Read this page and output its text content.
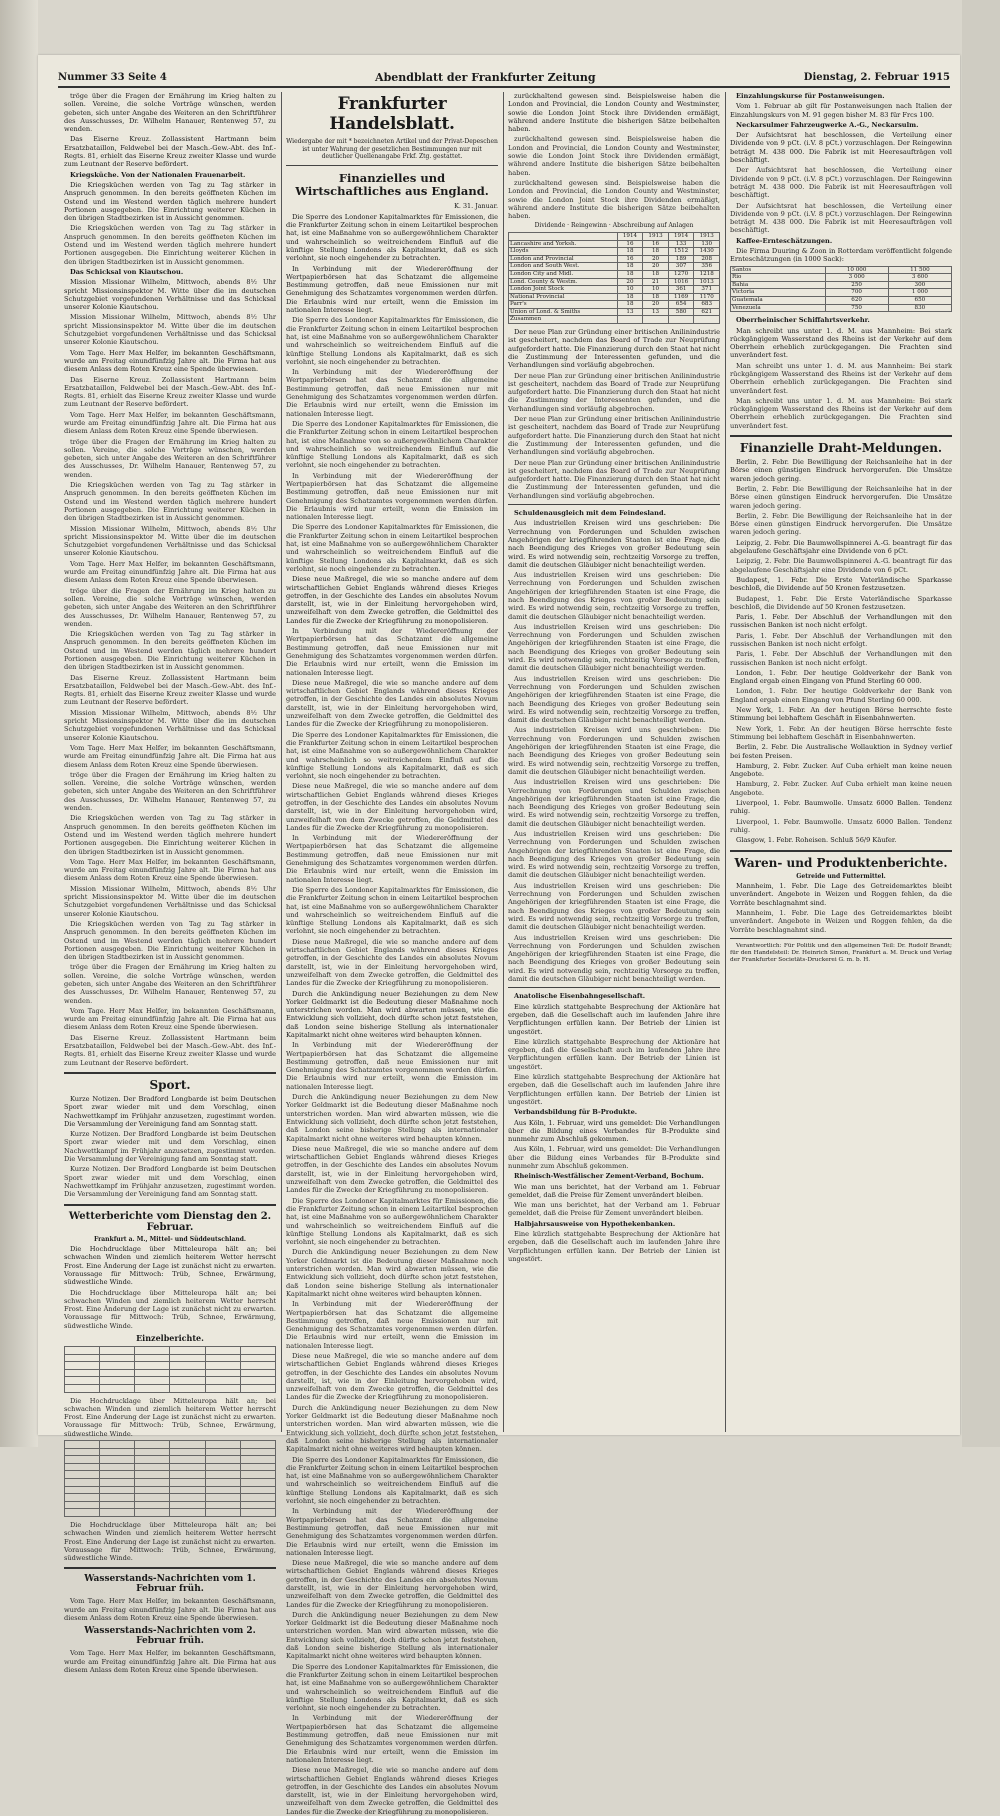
Nummer 33 Seite 4	Abendblatt der Frankfurter Zeitung	Dienstag, 2. Februar 1915

tröge über die Fragen der Ernährung im Krieg halten zu sollen. Vereine, die solche Vorträge wünschen, werden gebeten, sich unter Angabe des Weiteren an den Schriftführer des Ausschusses, Dr. Wilhelm Hanauer, Rentenweg 57, zu wenden.

Das Eiserne Kreuz. Zollassistent Hartmann beim Ersatzbataillon, Feldwebel bei der Masch.-Gew.-Abt. des Inf.-Regts. 81, erhielt das Eiserne Kreuz zweiter Klasse und wurde zum Leutnant der Reserve befördert.

Kriegsküche. Von der Nationalen Frauenarbeit.

Die Kriegsküchen werden von Tag zu Tag stärker in Anspruch genommen. In den bereits geöffneten Küchen im Ostend und im Westend werden täglich mehrere hundert Portionen ausgegeben. Die Einrichtung weiterer Küchen in den übrigen Stadtbezirken ist in Aussicht genommen.

Die Kriegsküchen werden von Tag zu Tag stärker in Anspruch genommen. In den bereits geöffneten Küchen im Ostend und im Westend werden täglich mehrere hundert Portionen ausgegeben. Die Einrichtung weiterer Küchen in den übrigen Stadtbezirken ist in Aussicht genommen.

Das Schicksal von Kiautschou.

Mission Missionar Wilhelm, Mittwoch, abends 8½ Uhr spricht Missionsinspektor M. Witte über die im deutschen Schutzgebiet vorgefundenen Verhältnisse und das Schicksal unserer Kolonie Kiautschou.

Mission Missionar Wilhelm, Mittwoch, abends 8½ Uhr spricht Missionsinspektor M. Witte über die im deutschen Schutzgebiet vorgefundenen Verhältnisse und das Schicksal unserer Kolonie Kiautschou.

Vom Tage. Herr Max Helfer, im bekannten Geschäftsmann, wurde am Freitag einundfünfzig Jahre alt. Die Firma hat aus diesem Anlass dem Roten Kreuz eine Spende überwiesen.

Das Eiserne Kreuz. Zollassistent Hartmann beim Ersatzbataillon, Feldwebel bei der Masch.-Gew.-Abt. des Inf.-Regts. 81, erhielt das Eiserne Kreuz zweiter Klasse und wurde zum Leutnant der Reserve befördert.

Vom Tage. Herr Max Helfer, im bekannten Geschäftsmann, wurde am Freitag einundfünfzig Jahre alt. Die Firma hat aus diesem Anlass dem Roten Kreuz eine Spende überwiesen.

tröge über die Fragen der Ernährung im Krieg halten zu sollen. Vereine, die solche Vorträge wünschen, werden gebeten, sich unter Angabe des Weiteren an den Schriftführer des Ausschusses, Dr. Wilhelm Hanauer, Rentenweg 57, zu wenden.

Die Kriegsküchen werden von Tag zu Tag stärker in Anspruch genommen. In den bereits geöffneten Küchen im Ostend und im Westend werden täglich mehrere hundert Portionen ausgegeben. Die Einrichtung weiterer Küchen in den übrigen Stadtbezirken ist in Aussicht genommen.

Mission Missionar Wilhelm, Mittwoch, abends 8½ Uhr spricht Missionsinspektor M. Witte über die im deutschen Schutzgebiet vorgefundenen Verhältnisse und das Schicksal unserer Kolonie Kiautschou.

Vom Tage. Herr Max Helfer, im bekannten Geschäftsmann, wurde am Freitag einundfünfzig Jahre alt. Die Firma hat aus diesem Anlass dem Roten Kreuz eine Spende überwiesen.

tröge über die Fragen der Ernährung im Krieg halten zu sollen. Vereine, die solche Vorträge wünschen, werden gebeten, sich unter Angabe des Weiteren an den Schriftführer des Ausschusses, Dr. Wilhelm Hanauer, Rentenweg 57, zu wenden.

Die Kriegsküchen werden von Tag zu Tag stärker in Anspruch genommen. In den bereits geöffneten Küchen im Ostend und im Westend werden täglich mehrere hundert Portionen ausgegeben. Die Einrichtung weiterer Küchen in den übrigen Stadtbezirken ist in Aussicht genommen.

Das Eiserne Kreuz. Zollassistent Hartmann beim Ersatzbataillon, Feldwebel bei der Masch.-Gew.-Abt. des Inf.-Regts. 81, erhielt das Eiserne Kreuz zweiter Klasse und wurde zum Leutnant der Reserve befördert.

Mission Missionar Wilhelm, Mittwoch, abends 8½ Uhr spricht Missionsinspektor M. Witte über die im deutschen Schutzgebiet vorgefundenen Verhältnisse und das Schicksal unserer Kolonie Kiautschou.

Vom Tage. Herr Max Helfer, im bekannten Geschäftsmann, wurde am Freitag einundfünfzig Jahre alt. Die Firma hat aus diesem Anlass dem Roten Kreuz eine Spende überwiesen.

tröge über die Fragen der Ernährung im Krieg halten zu sollen. Vereine, die solche Vorträge wünschen, werden gebeten, sich unter Angabe des Weiteren an den Schriftführer des Ausschusses, Dr. Wilhelm Hanauer, Rentenweg 57, zu wenden.

Die Kriegsküchen werden von Tag zu Tag stärker in Anspruch genommen. In den bereits geöffneten Küchen im Ostend und im Westend werden täglich mehrere hundert Portionen ausgegeben. Die Einrichtung weiterer Küchen in den übrigen Stadtbezirken ist in Aussicht genommen.

Vom Tage. Herr Max Helfer, im bekannten Geschäftsmann, wurde am Freitag einundfünfzig Jahre alt. Die Firma hat aus diesem Anlass dem Roten Kreuz eine Spende überwiesen.

Mission Missionar Wilhelm, Mittwoch, abends 8½ Uhr spricht Missionsinspektor M. Witte über die im deutschen Schutzgebiet vorgefundenen Verhältnisse und das Schicksal unserer Kolonie Kiautschou.

Die Kriegsküchen werden von Tag zu Tag stärker in Anspruch genommen. In den bereits geöffneten Küchen im Ostend und im Westend werden täglich mehrere hundert Portionen ausgegeben. Die Einrichtung weiterer Küchen in den übrigen Stadtbezirken ist in Aussicht genommen.

tröge über die Fragen der Ernährung im Krieg halten zu sollen. Vereine, die solche Vorträge wünschen, werden gebeten, sich unter Angabe des Weiteren an den Schriftführer des Ausschusses, Dr. Wilhelm Hanauer, Rentenweg 57, zu wenden.

Vom Tage. Herr Max Helfer, im bekannten Geschäftsmann, wurde am Freitag einundfünfzig Jahre alt. Die Firma hat aus diesem Anlass dem Roten Kreuz eine Spende überwiesen.

Das Eiserne Kreuz. Zollassistent Hartmann beim Ersatzbataillon, Feldwebel bei der Masch.-Gew.-Abt. des Inf.-Regts. 81, erhielt das Eiserne Kreuz zweiter Klasse und wurde zum Leutnant der Reserve befördert.

Sport.

Kurze Notizen. Der Bradford Longbarde ist beim Deutschen Sport zwar wieder mit und dem Vorschlag, einen Nachwettkampf im Frühjahr anzusetzen, zugestimmt worden. Die Versammlung der Vereinigung fand am Sonntag statt.

Kurze Notizen. Der Bradford Longbarde ist beim Deutschen Sport zwar wieder mit und dem Vorschlag, einen Nachwettkampf im Frühjahr anzusetzen, zugestimmt worden. Die Versammlung der Vereinigung fand am Sonntag statt.

Kurze Notizen. Der Bradford Longbarde ist beim Deutschen Sport zwar wieder mit und dem Vorschlag, einen Nachwettkampf im Frühjahr anzusetzen, zugestimmt worden. Die Versammlung der Vereinigung fand am Sonntag statt.

Wetterberichte vom Dienstag den 2. Februar.
Frankfurt a. M., Mittel- und Süddeutschland.

Die Hochdrucklage über Mitteleuropa hält an; bei schwachen Winden und ziemlich heiterem Wetter herrscht Frost. Eine Änderung der Lage ist zunächst nicht zu erwarten. Voraussage für Mittwoch: Trüb, Schnee, Erwärmung, südwestliche Winde.

Die Hochdrucklage über Mitteleuropa hält an; bei schwachen Winden und ziemlich heiterem Wetter herrscht Frost. Eine Änderung der Lage ist zunächst nicht zu erwarten. Voraussage für Mittwoch: Trüb, Schnee, Erwärmung, südwestliche Winde.

Einzelberichte.

Die Hochdrucklage über Mitteleuropa hält an; bei schwachen Winden und ziemlich heiterem Wetter herrscht Frost. Eine Änderung der Lage ist zunächst nicht zu erwarten. Voraussage für Mittwoch: Trüb, Schnee, Erwärmung, südwestliche Winde.

Die Hochdrucklage über Mitteleuropa hält an; bei schwachen Winden und ziemlich heiterem Wetter herrscht Frost. Eine Änderung der Lage ist zunächst nicht zu erwarten. Voraussage für Mittwoch: Trüb, Schnee, Erwärmung, südwestliche Winde.

Wasserstands-Nachrichten vom 1. Februar früh.

Vom Tage. Herr Max Helfer, im bekannten Geschäftsmann, wurde am Freitag einundfünfzig Jahre alt. Die Firma hat aus diesem Anlass dem Roten Kreuz eine Spende überwiesen.

Wasserstands-Nachrichten vom 2. Februar früh.

Vom Tage. Herr Max Helfer, im bekannten Geschäftsmann, wurde am Freitag einundfünfzig Jahre alt. Die Firma hat aus diesem Anlass dem Roten Kreuz eine Spende überwiesen.

Frankfurter Handelsblatt.
Wiedergabe der mit * bezeichneten Artikel und der Privat-Depeschen ist unter Wahrung der gesetzlichen Bestimmungen nur mit deutlicher Quellenangabe Frkf. Ztg. gestattet.
Finanzielles und Wirtschaftliches aus England.
K. 31. Januar.

Die Sperre des Londoner Kapitalmarktes für Emissionen, die die Frankfurter Zeitung schon in einem Leitartikel besprochen hat, ist eine Maßnahme von so außergewöhnlichem Charakter und wahrscheinlich so weitreichendem Einfluß auf die künftige Stellung Londons als Kapitalmarkt, daß es sich verlohnt, sie noch eingehender zu betrachten.

In Verbindung mit der Wiedereröffnung der Wertpapierbörsen hat das Schatzamt die allgemeine Bestimmung getroffen, daß neue Emissionen nur mit Genehmigung des Schatzamtes vorgenommen werden dürfen. Die Erlaubnis wird nur erteilt, wenn die Emission im nationalen Interesse liegt.

Die Sperre des Londoner Kapitalmarktes für Emissionen, die die Frankfurter Zeitung schon in einem Leitartikel besprochen hat, ist eine Maßnahme von so außergewöhnlichem Charakter und wahrscheinlich so weitreichendem Einfluß auf die künftige Stellung Londons als Kapitalmarkt, daß es sich verlohnt, sie noch eingehender zu betrachten.

In Verbindung mit der Wiedereröffnung der Wertpapierbörsen hat das Schatzamt die allgemeine Bestimmung getroffen, daß neue Emissionen nur mit Genehmigung des Schatzamtes vorgenommen werden dürfen. Die Erlaubnis wird nur erteilt, wenn die Emission im nationalen Interesse liegt.

Die Sperre des Londoner Kapitalmarktes für Emissionen, die die Frankfurter Zeitung schon in einem Leitartikel besprochen hat, ist eine Maßnahme von so außergewöhnlichem Charakter und wahrscheinlich so weitreichendem Einfluß auf die künftige Stellung Londons als Kapitalmarkt, daß es sich verlohnt, sie noch eingehender zu betrachten.

In Verbindung mit der Wiedereröffnung der Wertpapierbörsen hat das Schatzamt die allgemeine Bestimmung getroffen, daß neue Emissionen nur mit Genehmigung des Schatzamtes vorgenommen werden dürfen. Die Erlaubnis wird nur erteilt, wenn die Emission im nationalen Interesse liegt.

Die Sperre des Londoner Kapitalmarktes für Emissionen, die die Frankfurter Zeitung schon in einem Leitartikel besprochen hat, ist eine Maßnahme von so außergewöhnlichem Charakter und wahrscheinlich so weitreichendem Einfluß auf die künftige Stellung Londons als Kapitalmarkt, daß es sich verlohnt, sie noch eingehender zu betrachten.

Diese neue Maßregel, die wie so manche andere auf dem wirtschaftlichen Gebiet Englands während dieses Krieges getroffen, in der Geschichte des Landes ein absolutes Novum darstellt, ist, wie in der Einleitung hervorgehoben wird, unzweifelhaft von dem Zwecke getroffen, die Geldmittel des Landes für die Zwecke der Kriegführung zu monopolisieren.

In Verbindung mit der Wiedereröffnung der Wertpapierbörsen hat das Schatzamt die allgemeine Bestimmung getroffen, daß neue Emissionen nur mit Genehmigung des Schatzamtes vorgenommen werden dürfen. Die Erlaubnis wird nur erteilt, wenn die Emission im nationalen Interesse liegt.

Diese neue Maßregel, die wie so manche andere auf dem wirtschaftlichen Gebiet Englands während dieses Krieges getroffen, in der Geschichte des Landes ein absolutes Novum darstellt, ist, wie in der Einleitung hervorgehoben wird, unzweifelhaft von dem Zwecke getroffen, die Geldmittel des Landes für die Zwecke der Kriegführung zu monopolisieren.

Die Sperre des Londoner Kapitalmarktes für Emissionen, die die Frankfurter Zeitung schon in einem Leitartikel besprochen hat, ist eine Maßnahme von so außergewöhnlichem Charakter und wahrscheinlich so weitreichendem Einfluß auf die künftige Stellung Londons als Kapitalmarkt, daß es sich verlohnt, sie noch eingehender zu betrachten.

Diese neue Maßregel, die wie so manche andere auf dem wirtschaftlichen Gebiet Englands während dieses Krieges getroffen, in der Geschichte des Landes ein absolutes Novum darstellt, ist, wie in der Einleitung hervorgehoben wird, unzweifelhaft von dem Zwecke getroffen, die Geldmittel des Landes für die Zwecke der Kriegführung zu monopolisieren.

In Verbindung mit der Wiedereröffnung der Wertpapierbörsen hat das Schatzamt die allgemeine Bestimmung getroffen, daß neue Emissionen nur mit Genehmigung des Schatzamtes vorgenommen werden dürfen. Die Erlaubnis wird nur erteilt, wenn die Emission im nationalen Interesse liegt.

Die Sperre des Londoner Kapitalmarktes für Emissionen, die die Frankfurter Zeitung schon in einem Leitartikel besprochen hat, ist eine Maßnahme von so außergewöhnlichem Charakter und wahrscheinlich so weitreichendem Einfluß auf die künftige Stellung Londons als Kapitalmarkt, daß es sich verlohnt, sie noch eingehender zu betrachten.

Diese neue Maßregel, die wie so manche andere auf dem wirtschaftlichen Gebiet Englands während dieses Krieges getroffen, in der Geschichte des Landes ein absolutes Novum darstellt, ist, wie in der Einleitung hervorgehoben wird, unzweifelhaft von dem Zwecke getroffen, die Geldmittel des Landes für die Zwecke der Kriegführung zu monopolisieren.

Durch die Ankündigung neuer Beziehungen zu dem New Yorker Geldmarkt ist die Bedeutung dieser Maßnahme noch unterstrichen worden. Man wird abwarten müssen, wie die Entwicklung sich vollzieht, doch dürfte schon jetzt feststehen, daß London seine bisherige Stellung als internationaler Kapitalmarkt nicht ohne weiteres wird behaupten können.

In Verbindung mit der Wiedereröffnung der Wertpapierbörsen hat das Schatzamt die allgemeine Bestimmung getroffen, daß neue Emissionen nur mit Genehmigung des Schatzamtes vorgenommen werden dürfen. Die Erlaubnis wird nur erteilt, wenn die Emission im nationalen Interesse liegt.

Durch die Ankündigung neuer Beziehungen zu dem New Yorker Geldmarkt ist die Bedeutung dieser Maßnahme noch unterstrichen worden. Man wird abwarten müssen, wie die Entwicklung sich vollzieht, doch dürfte schon jetzt feststehen, daß London seine bisherige Stellung als internationaler Kapitalmarkt nicht ohne weiteres wird behaupten können.

Diese neue Maßregel, die wie so manche andere auf dem wirtschaftlichen Gebiet Englands während dieses Krieges getroffen, in der Geschichte des Landes ein absolutes Novum darstellt, ist, wie in der Einleitung hervorgehoben wird, unzweifelhaft von dem Zwecke getroffen, die Geldmittel des Landes für die Zwecke der Kriegführung zu monopolisieren.

Die Sperre des Londoner Kapitalmarktes für Emissionen, die die Frankfurter Zeitung schon in einem Leitartikel besprochen hat, ist eine Maßnahme von so außergewöhnlichem Charakter und wahrscheinlich so weitreichendem Einfluß auf die künftige Stellung Londons als Kapitalmarkt, daß es sich verlohnt, sie noch eingehender zu betrachten.

Durch die Ankündigung neuer Beziehungen zu dem New Yorker Geldmarkt ist die Bedeutung dieser Maßnahme noch unterstrichen worden. Man wird abwarten müssen, wie die Entwicklung sich vollzieht, doch dürfte schon jetzt feststehen, daß London seine bisherige Stellung als internationaler Kapitalmarkt nicht ohne weiteres wird behaupten können.

In Verbindung mit der Wiedereröffnung der Wertpapierbörsen hat das Schatzamt die allgemeine Bestimmung getroffen, daß neue Emissionen nur mit Genehmigung des Schatzamtes vorgenommen werden dürfen. Die Erlaubnis wird nur erteilt, wenn die Emission im nationalen Interesse liegt.

Diese neue Maßregel, die wie so manche andere auf dem wirtschaftlichen Gebiet Englands während dieses Krieges getroffen, in der Geschichte des Landes ein absolutes Novum darstellt, ist, wie in der Einleitung hervorgehoben wird, unzweifelhaft von dem Zwecke getroffen, die Geldmittel des Landes für die Zwecke der Kriegführung zu monopolisieren.

Durch die Ankündigung neuer Beziehungen zu dem New Yorker Geldmarkt ist die Bedeutung dieser Maßnahme noch unterstrichen worden. Man wird abwarten müssen, wie die Entwicklung sich vollzieht, doch dürfte schon jetzt feststehen, daß London seine bisherige Stellung als internationaler Kapitalmarkt nicht ohne weiteres wird behaupten können.

Die Sperre des Londoner Kapitalmarktes für Emissionen, die die Frankfurter Zeitung schon in einem Leitartikel besprochen hat, ist eine Maßnahme von so außergewöhnlichem Charakter und wahrscheinlich so weitreichendem Einfluß auf die künftige Stellung Londons als Kapitalmarkt, daß es sich verlohnt, sie noch eingehender zu betrachten.

In Verbindung mit der Wiedereröffnung der Wertpapierbörsen hat das Schatzamt die allgemeine Bestimmung getroffen, daß neue Emissionen nur mit Genehmigung des Schatzamtes vorgenommen werden dürfen. Die Erlaubnis wird nur erteilt, wenn die Emission im nationalen Interesse liegt.

Diese neue Maßregel, die wie so manche andere auf dem wirtschaftlichen Gebiet Englands während dieses Krieges getroffen, in der Geschichte des Landes ein absolutes Novum darstellt, ist, wie in der Einleitung hervorgehoben wird, unzweifelhaft von dem Zwecke getroffen, die Geldmittel des Landes für die Zwecke der Kriegführung zu monopolisieren.

Durch die Ankündigung neuer Beziehungen zu dem New Yorker Geldmarkt ist die Bedeutung dieser Maßnahme noch unterstrichen worden. Man wird abwarten müssen, wie die Entwicklung sich vollzieht, doch dürfte schon jetzt feststehen, daß London seine bisherige Stellung als internationaler Kapitalmarkt nicht ohne weiteres wird behaupten können.

Die Sperre des Londoner Kapitalmarktes für Emissionen, die die Frankfurter Zeitung schon in einem Leitartikel besprochen hat, ist eine Maßnahme von so außergewöhnlichem Charakter und wahrscheinlich so weitreichendem Einfluß auf die künftige Stellung Londons als Kapitalmarkt, daß es sich verlohnt, sie noch eingehender zu betrachten.

In Verbindung mit der Wiedereröffnung der Wertpapierbörsen hat das Schatzamt die allgemeine Bestimmung getroffen, daß neue Emissionen nur mit Genehmigung des Schatzamtes vorgenommen werden dürfen. Die Erlaubnis wird nur erteilt, wenn die Emission im nationalen Interesse liegt.

Diese neue Maßregel, die wie so manche andere auf dem wirtschaftlichen Gebiet Englands während dieses Krieges getroffen, in der Geschichte des Landes ein absolutes Novum darstellt, ist, wie in der Einleitung hervorgehoben wird, unzweifelhaft von dem Zwecke getroffen, die Geldmittel des Landes für die Zwecke der Kriegführung zu monopolisieren.

zurückhaltend gewesen sind. Beispielsweise haben die London and Provincial, die London County and Westminster, sowie die London Joint Stock ihre Dividenden ermäßigt, während andere Institute die bisherigen Sätze beibehalten haben.

zurückhaltend gewesen sind. Beispielsweise haben die London and Provincial, die London County and Westminster, sowie die London Joint Stock ihre Dividenden ermäßigt, während andere Institute die bisherigen Sätze beibehalten haben.

zurückhaltend gewesen sind. Beispielsweise haben die London and Provincial, die London County and Westminster, sowie die London Joint Stock ihre Dividenden ermäßigt, während andere Institute die bisherigen Sätze beibehalten haben.

Dividende · Reingewinn · Abschreibung auf Anlagen
	1914	1913	1914	1913
Lancashire and Yorksh.	16	16	133	130
Lloyds	18	18	1512	1430
London and Provincial	16	20	189	208
London and South West.	18	20	307	356
London City and Midl.	18	18	1270	1218
Lond. County & Westm.	20	21	1016	1013
London Joint Stock	10	10	361	371
National Provincial	18	18	1169	1170
Parr's	18	20	654	683
Union of Lond. & Smiths	13	13	580	621
Zusammen				

Der neue Plan zur Gründung einer britischen Anilinindustrie ist gescheitert, nachdem das Board of Trade zur Neuprüfung aufgefordert hatte. Die Finanzierung durch den Staat hat nicht die Zustimmung der Interessenten gefunden, und die Verhandlungen sind vorläufig abgebrochen.

Der neue Plan zur Gründung einer britischen Anilinindustrie ist gescheitert, nachdem das Board of Trade zur Neuprüfung aufgefordert hatte. Die Finanzierung durch den Staat hat nicht die Zustimmung der Interessenten gefunden, und die Verhandlungen sind vorläufig abgebrochen.

Der neue Plan zur Gründung einer britischen Anilinindustrie ist gescheitert, nachdem das Board of Trade zur Neuprüfung aufgefordert hatte. Die Finanzierung durch den Staat hat nicht die Zustimmung der Interessenten gefunden, und die Verhandlungen sind vorläufig abgebrochen.

Der neue Plan zur Gründung einer britischen Anilinindustrie ist gescheitert, nachdem das Board of Trade zur Neuprüfung aufgefordert hatte. Die Finanzierung durch den Staat hat nicht die Zustimmung der Interessenten gefunden, und die Verhandlungen sind vorläufig abgebrochen.

Schuldenausgleich mit dem Feindesland.

Aus industriellen Kreisen wird uns geschrieben: Die Verrechnung von Forderungen und Schulden zwischen Angehörigen der kriegführenden Staaten ist eine Frage, die nach Beendigung des Krieges von großer Bedeutung sein wird. Es wird notwendig sein, rechtzeitig Vorsorge zu treffen, damit die deutschen Gläubiger nicht benachteiligt werden.

Aus industriellen Kreisen wird uns geschrieben: Die Verrechnung von Forderungen und Schulden zwischen Angehörigen der kriegführenden Staaten ist eine Frage, die nach Beendigung des Krieges von großer Bedeutung sein wird. Es wird notwendig sein, rechtzeitig Vorsorge zu treffen, damit die deutschen Gläubiger nicht benachteiligt werden.

Aus industriellen Kreisen wird uns geschrieben: Die Verrechnung von Forderungen und Schulden zwischen Angehörigen der kriegführenden Staaten ist eine Frage, die nach Beendigung des Krieges von großer Bedeutung sein wird. Es wird notwendig sein, rechtzeitig Vorsorge zu treffen, damit die deutschen Gläubiger nicht benachteiligt werden.

Aus industriellen Kreisen wird uns geschrieben: Die Verrechnung von Forderungen und Schulden zwischen Angehörigen der kriegführenden Staaten ist eine Frage, die nach Beendigung des Krieges von großer Bedeutung sein wird. Es wird notwendig sein, rechtzeitig Vorsorge zu treffen, damit die deutschen Gläubiger nicht benachteiligt werden.

Aus industriellen Kreisen wird uns geschrieben: Die Verrechnung von Forderungen und Schulden zwischen Angehörigen der kriegführenden Staaten ist eine Frage, die nach Beendigung des Krieges von großer Bedeutung sein wird. Es wird notwendig sein, rechtzeitig Vorsorge zu treffen, damit die deutschen Gläubiger nicht benachteiligt werden.

Aus industriellen Kreisen wird uns geschrieben: Die Verrechnung von Forderungen und Schulden zwischen Angehörigen der kriegführenden Staaten ist eine Frage, die nach Beendigung des Krieges von großer Bedeutung sein wird. Es wird notwendig sein, rechtzeitig Vorsorge zu treffen, damit die deutschen Gläubiger nicht benachteiligt werden.

Aus industriellen Kreisen wird uns geschrieben: Die Verrechnung von Forderungen und Schulden zwischen Angehörigen der kriegführenden Staaten ist eine Frage, die nach Beendigung des Krieges von großer Bedeutung sein wird. Es wird notwendig sein, rechtzeitig Vorsorge zu treffen, damit die deutschen Gläubiger nicht benachteiligt werden.

Aus industriellen Kreisen wird uns geschrieben: Die Verrechnung von Forderungen und Schulden zwischen Angehörigen der kriegführenden Staaten ist eine Frage, die nach Beendigung des Krieges von großer Bedeutung sein wird. Es wird notwendig sein, rechtzeitig Vorsorge zu treffen, damit die deutschen Gläubiger nicht benachteiligt werden.

Aus industriellen Kreisen wird uns geschrieben: Die Verrechnung von Forderungen und Schulden zwischen Angehörigen der kriegführenden Staaten ist eine Frage, die nach Beendigung des Krieges von großer Bedeutung sein wird. Es wird notwendig sein, rechtzeitig Vorsorge zu treffen, damit die deutschen Gläubiger nicht benachteiligt werden.

Anatolische Eisenbahngesellschaft.

Eine kürzlich stattgehabte Besprechung der Aktionäre hat ergeben, daß die Gesellschaft auch im laufenden Jahre ihre Verpflichtungen erfüllen kann. Der Betrieb der Linien ist ungestört.

Eine kürzlich stattgehabte Besprechung der Aktionäre hat ergeben, daß die Gesellschaft auch im laufenden Jahre ihre Verpflichtungen erfüllen kann. Der Betrieb der Linien ist ungestört.

Eine kürzlich stattgehabte Besprechung der Aktionäre hat ergeben, daß die Gesellschaft auch im laufenden Jahre ihre Verpflichtungen erfüllen kann. Der Betrieb der Linien ist ungestört.

Verbandsbildung für B-Produkte.

Aus Köln, 1. Februar, wird uns gemeldet: Die Verhandlungen über die Bildung eines Verbandes für B-Produkte sind nunmehr zum Abschluß gekommen.

Aus Köln, 1. Februar, wird uns gemeldet: Die Verhandlungen über die Bildung eines Verbandes für B-Produkte sind nunmehr zum Abschluß gekommen.

Rheinisch-Westfälischer Zement-Verband, Bochum.

Wie man uns berichtet, hat der Verband am 1. Februar gemeldet, daß die Preise für Zement unverändert bleiben.

Wie man uns berichtet, hat der Verband am 1. Februar gemeldet, daß die Preise für Zement unverändert bleiben.

Halbjahrsausweise von Hypothekenbanken.

Eine kürzlich stattgehabte Besprechung der Aktionäre hat ergeben, daß die Gesellschaft auch im laufenden Jahre ihre Verpflichtungen erfüllen kann. Der Betrieb der Linien ist ungestört.

Einzahlungskurse für Postanweisungen.

Vom 1. Februar ab gilt für Postanweisungen nach Italien der Einzahlungskurs von M. 91 gegen bisher M. 83 für Frcs 100.

Neckarsulmer Fahrzeugwerke A.-G., Neckarsulm.

Der Aufsichtsrat hat beschlossen, die Verteilung einer Dividende von 9 pCt. (i.V. 8 pCt.) vorzuschlagen. Der Reingewinn beträgt M. 438 000. Die Fabrik ist mit Heeresaufträgen voll beschäftigt.

Der Aufsichtsrat hat beschlossen, die Verteilung einer Dividende von 9 pCt. (i.V. 8 pCt.) vorzuschlagen. Der Reingewinn beträgt M. 438 000. Die Fabrik ist mit Heeresaufträgen voll beschäftigt.

Der Aufsichtsrat hat beschlossen, die Verteilung einer Dividende von 9 pCt. (i.V. 8 pCt.) vorzuschlagen. Der Reingewinn beträgt M. 438 000. Die Fabrik ist mit Heeresaufträgen voll beschäftigt.

Kaffee-Ernteschätzungen.

Die Firma Duuring & Zoon in Rotterdam veröffentlicht folgende Ernteschätzungen (in 1000 Sack):

Santos	10 000	11 500
Rio	3 000	3 600
Bahia	250	300
Victoria	700	1 000
Guatemala	620	650
Venezuela	750	830

Oberrheinischer Schiffahrtsverkehr.

Man schreibt uns unter 1. d. M. aus Mannheim: Bei stark rückgängigem Wasserstand des Rheins ist der Verkehr auf dem Oberrhein erheblich zurückgegangen. Die Frachten sind unverändert fest.

Man schreibt uns unter 1. d. M. aus Mannheim: Bei stark rückgängigem Wasserstand des Rheins ist der Verkehr auf dem Oberrhein erheblich zurückgegangen. Die Frachten sind unverändert fest.

Man schreibt uns unter 1. d. M. aus Mannheim: Bei stark rückgängigem Wasserstand des Rheins ist der Verkehr auf dem Oberrhein erheblich zurückgegangen. Die Frachten sind unverändert fest.

Finanzielle Draht-Meldungen.

Berlin, 2. Febr. Die Bewilligung der Reichsanleihe hat in der Börse einen günstigen Eindruck hervorgerufen. Die Umsätze waren jedoch gering.

Berlin, 2. Febr. Die Bewilligung der Reichsanleihe hat in der Börse einen günstigen Eindruck hervorgerufen. Die Umsätze waren jedoch gering.

Berlin, 2. Febr. Die Bewilligung der Reichsanleihe hat in der Börse einen günstigen Eindruck hervorgerufen. Die Umsätze waren jedoch gering.

Leipzig, 2. Febr. Die Baumwollspinnerei A.-G. beantragt für das abgelaufene Geschäftsjahr eine Dividende von 6 pCt.

Leipzig, 2. Febr. Die Baumwollspinnerei A.-G. beantragt für das abgelaufene Geschäftsjahr eine Dividende von 6 pCt.

Budapest, 1. Febr. Die Erste Vaterländische Sparkasse beschloß, die Dividende auf 50 Kronen festzusetzen.

Budapest, 1. Febr. Die Erste Vaterländische Sparkasse beschloß, die Dividende auf 50 Kronen festzusetzen.

Paris, 1. Febr. Der Abschluß der Verhandlungen mit den russischen Banken ist noch nicht erfolgt.

Paris, 1. Febr. Der Abschluß der Verhandlungen mit den russischen Banken ist noch nicht erfolgt.

Paris, 1. Febr. Der Abschluß der Verhandlungen mit den russischen Banken ist noch nicht erfolgt.

London, 1. Febr. Der heutige Goldverkehr der Bank von England ergab einen Eingang von Pfund Sterling 60 000.

London, 1. Febr. Der heutige Goldverkehr der Bank von England ergab einen Eingang von Pfund Sterling 60 000.

New York, 1. Febr. An der heutigen Börse herrschte feste Stimmung bei lebhaftem Geschäft in Eisenbahnwerten.

New York, 1. Febr. An der heutigen Börse herrschte feste Stimmung bei lebhaftem Geschäft in Eisenbahnwerten.

Berlin, 2. Febr. Die Australische Wollauktion in Sydney verlief bei festen Preisen.

Hamburg, 2. Febr. Zucker. Auf Cuba erhielt man keine neuen Angebote.

Hamburg, 2. Febr. Zucker. Auf Cuba erhielt man keine neuen Angebote.

Liverpool, 1. Febr. Baumwolle. Umsatz 6000 Ballen. Tendenz ruhig.

Liverpool, 1. Febr. Baumwolle. Umsatz 6000 Ballen. Tendenz ruhig.

Glasgow, 1. Febr. Roheisen. Schluß 56/9 Käufer.

Waren- und Produktenberichte.
Getreide und Futtermittel.

Mannheim, 1. Febr. Die Lage des Getreidemarktes bleibt unverändert. Angebote in Weizen und Roggen fehlen, da die Vorräte beschlagnahmt sind.

Mannheim, 1. Febr. Die Lage des Getreidemarktes bleibt unverändert. Angebote in Weizen und Roggen fehlen, da die Vorräte beschlagnahmt sind.

Verantwortlich: Für Politik und den allgemeinen Teil: Dr. Rudolf Brandt; für den Handelsteil: Dr. Heinrich Simon, Frankfurt a. M. Druck und Verlag der Frankfurter Societäts-Druckerei G. m. b. H.
